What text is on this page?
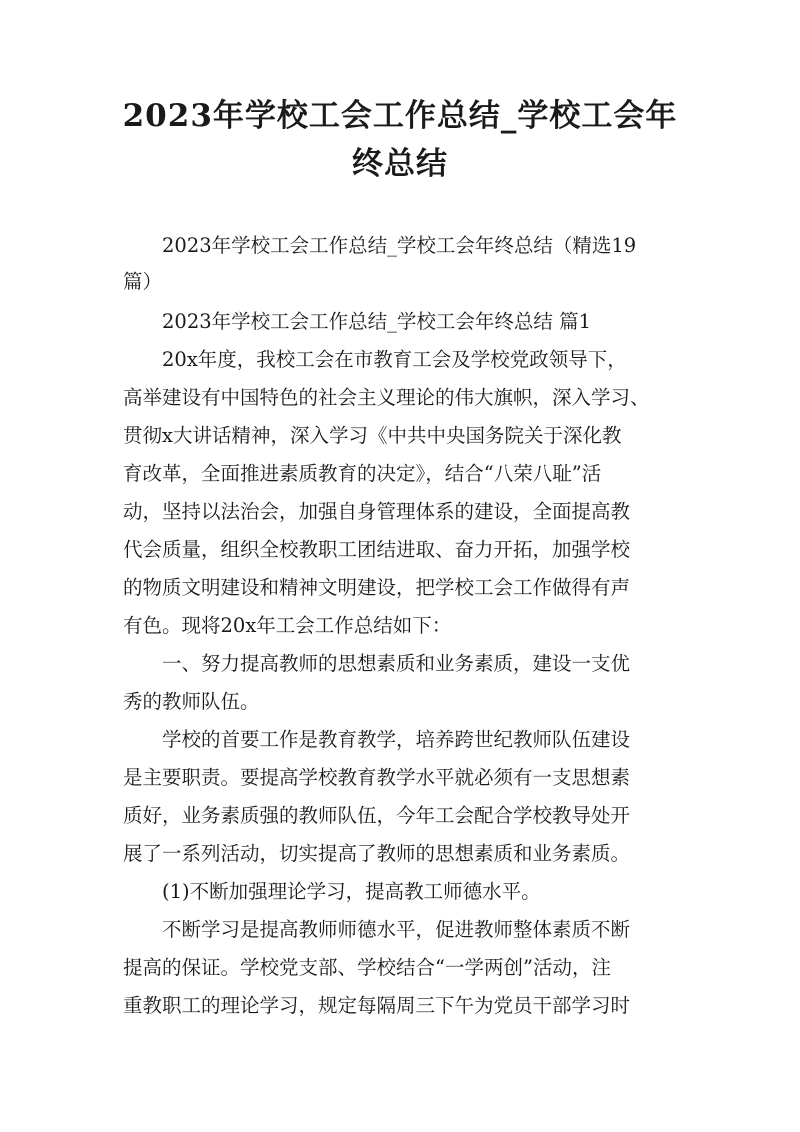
2023年学校工会工作总结_学校工会年终总结

2023年学校工会工作总结_学校工会年终总结（精选19

篇）

2023年学校工会工作总结_学校工会年终总结 篇1

20x年度，我校工会在市教育工会及学校党政领导下，

高举建设有中国特色的社会主义理论的伟大旗帜，深入学习、

贯彻x大讲话精神，深入学习《中共中央国务院关于深化教

育改革，全面推进素质教育的决定》，结合“八荣八耻”活

动，坚持以法治会，加强自身管理体系的建设，全面提高教

代会质量，组织全校教职工团结进取、奋力开拓，加强学校

的物质文明建设和精神文明建设，把学校工会工作做得有声

有色。现将20x年工会工作总结如下：

一、努力提高教师的思想素质和业务素质，建设一支优

秀的教师队伍。

学校的首要工作是教育教学，培养跨世纪教师队伍建设

是主要职责。要提高学校教育教学水平就必须有一支思想素

质好，业务素质强的教师队伍，今年工会配合学校教导处开

展了一系列活动，切实提高了教师的思想素质和业务素质。

(1)不断加强理论学习，提高教工师德水平。

不断学习是提高教师师德水平，促进教师整体素质不断

提高的保证。学校党支部、学校结合“一学两创”活动，注

重教职工的理论学习，规定每隔周三下午为党员干部学习时
